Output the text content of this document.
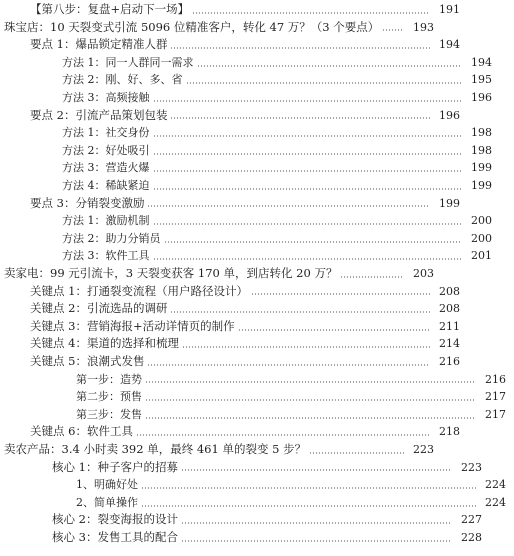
【第八步：复盘+启动下一场】	191
珠宝店：10 天裂变式引流 5096 位精准客户，转化 47 万？（3 个要点）	193
要点 1：爆品锁定精准人群	194
方法 1：同一人群同一需求	194
方法 2：刚、好、多、省	195
方法 3：高频接触	196
要点 2：引流产品策划包装	196
方法 1：社交身份	198
方法 2：好处吸引	198
方法 3：营造火爆	199
方法 4：稀缺紧迫	199
要点 3：分销裂变激励	199
方法 1：激励机制	200
方法 2：助力分销员	200
方法 3：软件工具	201
卖家电：99 元引流卡，3 天裂变获客 170 单，到店转化 20 万？	203
关键点 1：打通裂变流程（用户路径设计）	208
关键点 2：引流选品的调研	208
关键点 3：营销海报+活动详情页的制作	211
关键点 4：渠道的选择和梳理	214
关键点 5：浪潮式发售	216
第一步：造势	216
第二步：预售	217
第三步：发售	217
关键点 6：软件工具	218
卖农产品：3.4 小时卖 392 单，最终 461 单的裂变 5 步？	223
核心 1：种子客户的招募	223
1、明确好处	224
2、简单操作	224
核心 2：裂变海报的设计	227
核心 3：发售工具的配合	228
